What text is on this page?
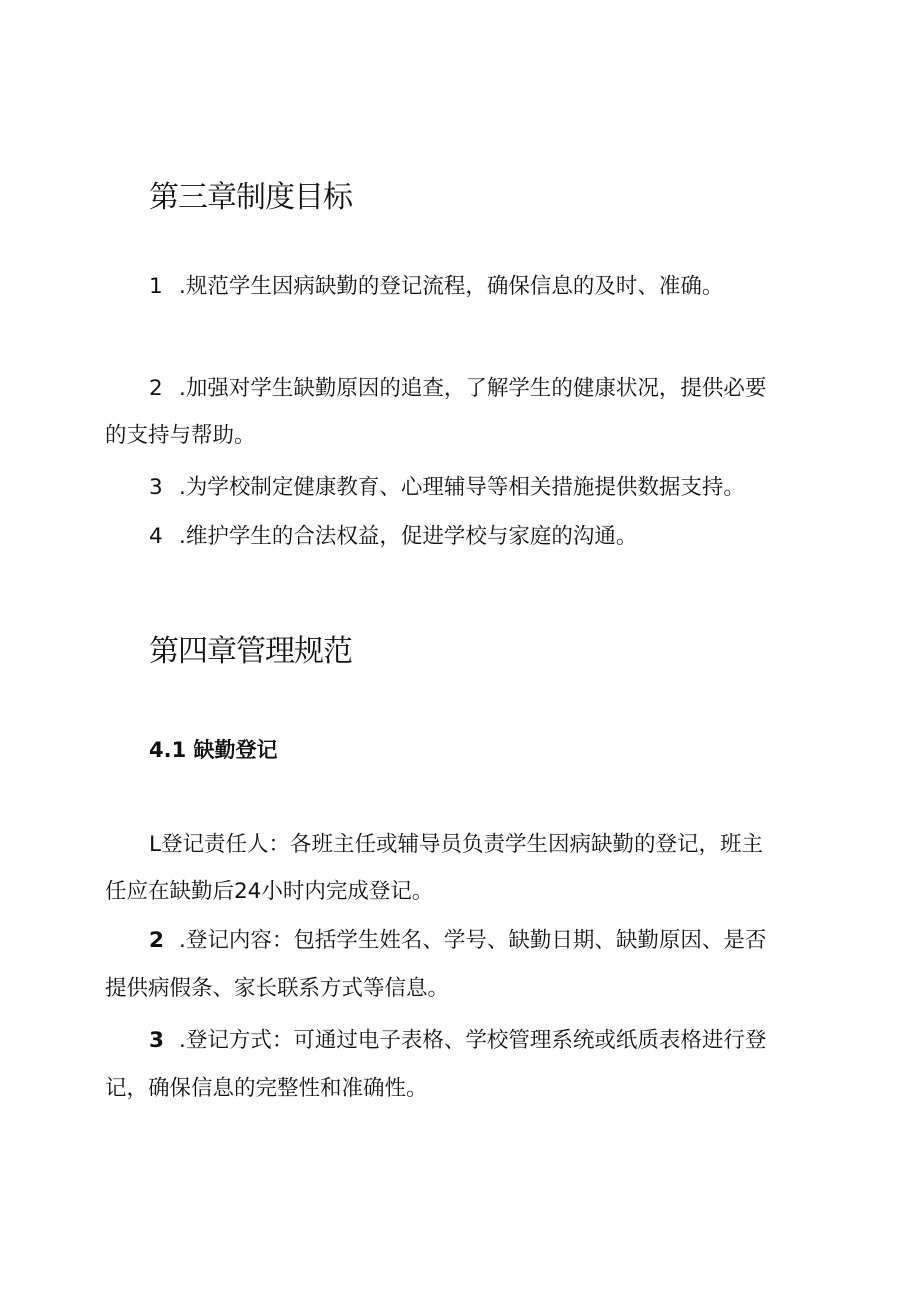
第三章制度目标

1 .规范学生因病缺勤的登记流程，确保信息的及时、准确。

2 .加强对学生缺勤原因的追查，了解学生的健康状况，提供必要

的支持与帮助。

3 .为学校制定健康教育、心理辅导等相关措施提供数据支持。

4 .维护学生的合法权益，促进学校与家庭的沟通。

第四章管理规范
4.1 缺勤登记

L登记责任人：各班主任或辅导员负责学生因病缺勤的登记，班主

任应在缺勤后24小时内完成登记。

2 .登记内容：包括学生姓名、学号、缺勤日期、缺勤原因、是否

提供病假条、家长联系方式等信息。

3 .登记方式：可通过电子表格、学校管理系统或纸质表格进行登

记，确保信息的完整性和准确性。
